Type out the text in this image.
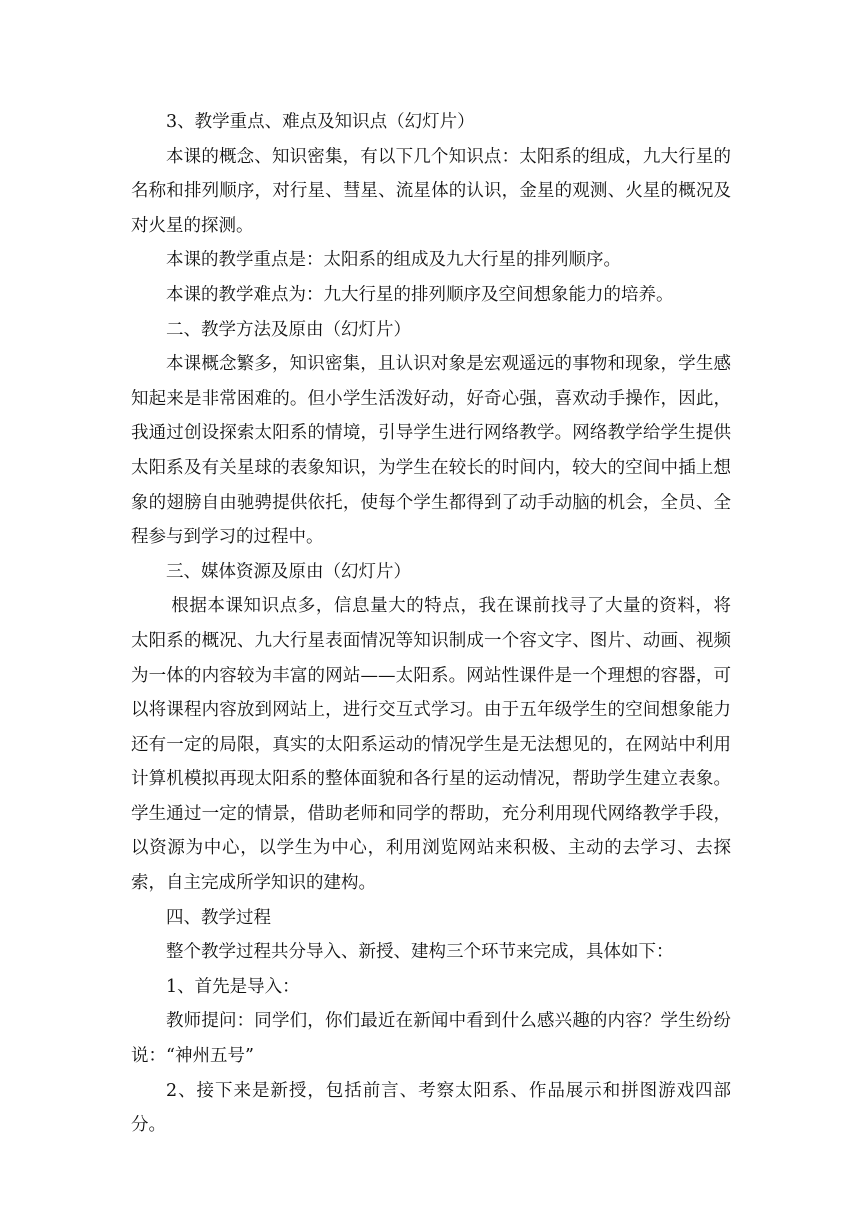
3、教学重点、难点及知识点（幻灯片）

本课的概念、知识密集，有以下几个知识点：太阳系的组成，九大行星的名称和排列顺序，对行星、彗星、流星体的认识，金星的观测、火星的概况及对火星的探测。

本课的教学重点是：太阳系的组成及九大行星的排列顺序。

本课的教学难点为：九大行星的排列顺序及空间想象能力的培养。

二、教学方法及原由（幻灯片）

本课概念繁多，知识密集，且认识对象是宏观遥远的事物和现象，学生感知起来是非常困难的。但小学生活泼好动，好奇心强，喜欢动手操作，因此，我通过创设探索太阳系的情境，引导学生进行网络教学。网络教学给学生提供太阳系及有关星球的表象知识，为学生在较长的时间内，较大的空间中插上想象的翅膀自由驰骋提供依托，使每个学生都得到了动手动脑的机会，全员、全程参与到学习的过程中。

三、媒体资源及原由（幻灯片）

根据本课知识点多，信息量大的特点，我在课前找寻了大量的资料，将太阳系的概况、九大行星表面情况等知识制成一个容文字、图片、动画、视频为一体的内容较为丰富的网站——太阳系。网站性课件是一个理想的容器，可以将课程内容放到网站上，进行交互式学习。由于五年级学生的空间想象能力还有一定的局限，真实的太阳系运动的情况学生是无法想见的，在网站中利用计算机模拟再现太阳系的整体面貌和各行星的运动情况，帮助学生建立表象。学生通过一定的情景，借助老师和同学的帮助，充分利用现代网络教学手段，以资源为中心，以学生为中心，利用浏览网站来积极、主动的去学习、去探索，自主完成所学知识的建构。

四、教学过程

整个教学过程共分导入、新授、建构三个环节来完成，具体如下：

1、首先是导入：

教师提问：同学们，你们最近在新闻中看到什么感兴趣的内容？学生纷纷说：“神州五号”

2、接下来是新授，包括前言、考察太阳系、作品展示和拼图游戏四部分。
